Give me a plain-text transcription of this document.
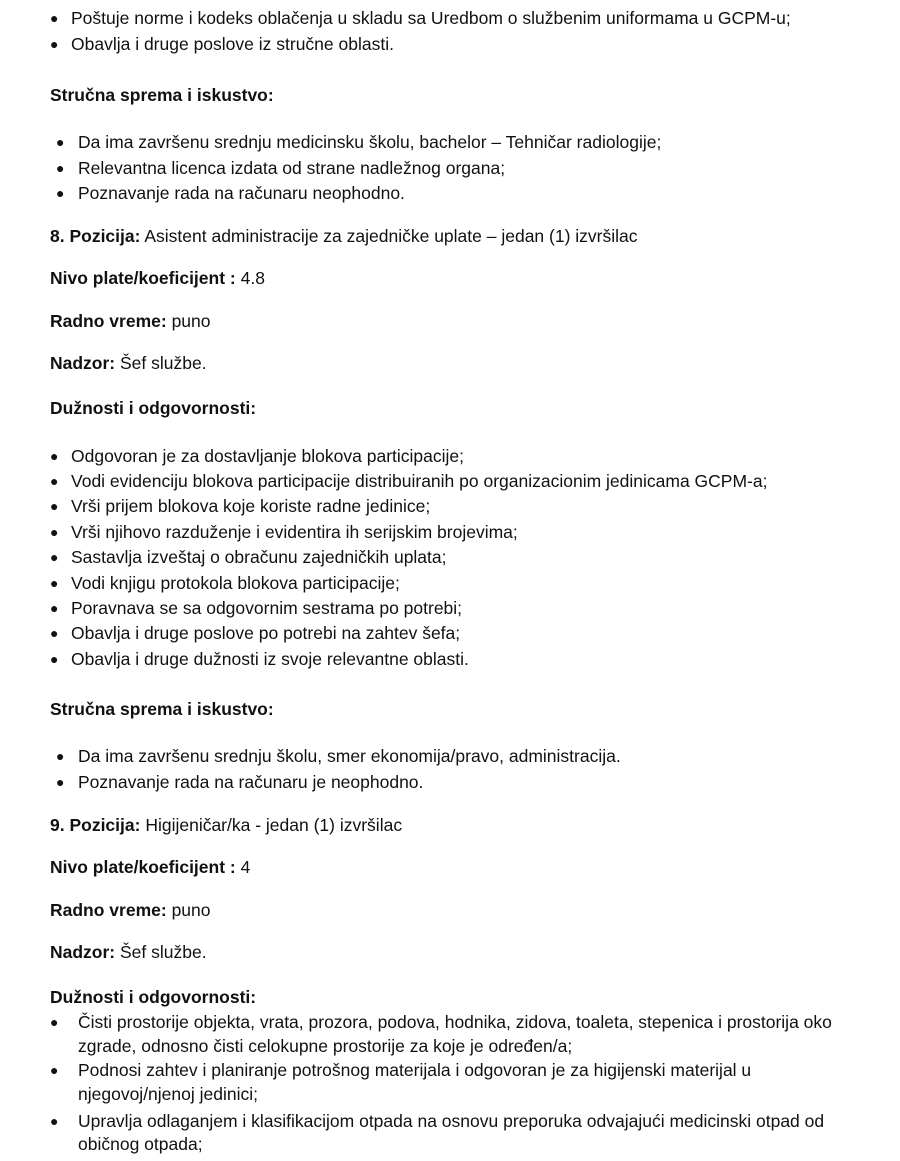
● Poštuje norme i kodeks oblačenja u skladu sa Uredbom o službenim uniformama u GCPM-u;
● Obavlja i druge poslove iz stručne oblasti.
Stručna sprema i iskustvo:
● Da ima završenu srednju medicinsku školu, bachelor – Tehničar radiologije;
● Relevantna licenca izdata od strane nadležnog organa;
● Poznavanje rada na računaru neophodno.
8. Pozicija: Asistent administracije za zajedničke uplate – jedan (1) izvršilac
Nivo plate/koeficijent : 4.8
Radno vreme: puno
Nadzor: Šef službe.
Dužnosti i odgovornosti:
● Odgovoran je za dostavljanje blokova participacije;
● Vodi evidenciju blokova participacije distribuiranih po organizacionim jedinicama GCPM-a;
● Vrši prijem blokova koje koriste radne jedinice;
● Vrši njihovo razduženje i evidentira ih serijskim brojevima;
● Sastavlja izveštaj o obračunu zajedničkih uplata;
● Vodi knjigu protokola blokova participacije;
● Poravnava se sa odgovornim sestrama po potrebi;
● Obavlja i druge poslove po potrebi na zahtev šefa;
● Obavlja i druge dužnosti iz svoje relevantne oblasti.
Stručna sprema i iskustvo:
● Da ima završenu srednju školu, smer ekonomija/pravo, administracija.
● Poznavanje rada na računaru je neophodno.
9. Pozicija: Higijeničar/ka - jedan (1) izvršilac
Nivo plate/koeficijent : 4
Radno vreme: puno
Nadzor: Šef službe.
Dužnosti i odgovornosti:
● Čisti prostorije objekta, vrata, prozora, podova, hodnika, zidova, toaleta, stepenica i prostorija oko
zgrade, odnosno čisti celokupne prostorije za koje je određen/a;
● Podnosi zahtev i planiranje potrošnog materijala i odgovoran je za higijenski materijal u
njegovoj/njenoj jedinici;
● Upravlja odlaganjem i klasifikacijom otpada na osnovu preporuka odvajajući medicinski otpad od
običnog otpada;
